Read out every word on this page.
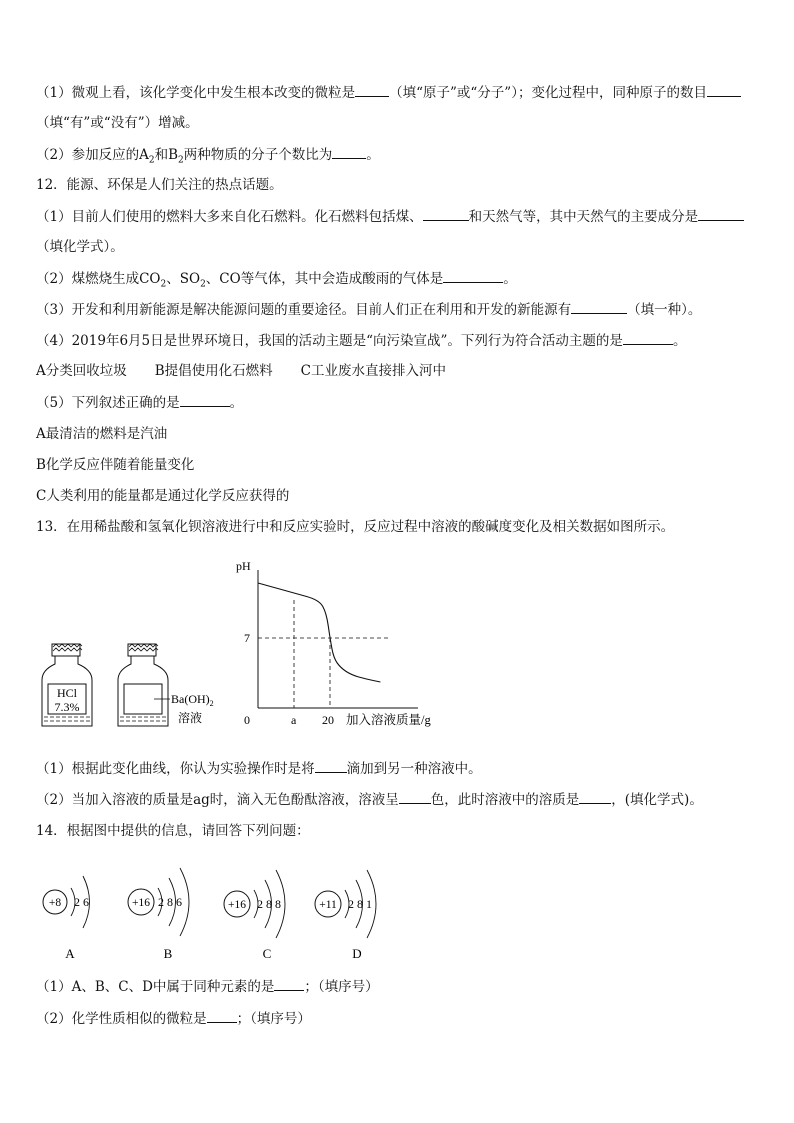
（1）微观上看，该化学变化中发生根本改变的微粒是	（填“原子”或“分子”）；变化过程中，同种原子的数目
（填“有”或“没有”）增减。
（2）参加反应的$A_2$和$B_2$两种物质的分子个数比为	。
12．能源、环保是人们关注的热点话题。
（1）目前人们使用的燃料大多来自化石燃料。化石燃料包括煤、	和天然气等，其中天然气的主要成分是
（填化学式）。
（2）煤燃烧生成$CO_2$、$SO_2$、CO等气体，其中会造成酸雨的气体是	。
（3）开发和利用新能源是解决能源问题的重要途径。目前人们正在利用和开发的新能源有	（填一种）。
（4）2019年6月5日是世界环境日，我国的活动主题是“向污染宣战”。下列行为符合活动主题的是	。
A分类回收垃圾 B提倡使用化石燃料 C工业废水直接排入河中
（5）下列叙述正确的是	。
A最清洁的燃料是汽油
B化学反应伴随着能量变化
C人类利用的能量都是通过化学反应获得的
13．在用稀盐酸和氢氧化钡溶液进行中和反应实验时，反应过程中溶液的酸碱度变化及相关数据如图所示。
HCl
7.3%
$Ba(OH)_2$
溶液
pH
0
7
a 20 加入溶液质量/g
（1）根据此变化曲线，你认为实验操作时是将 滴加到另一种溶液中。
（2）当加入溶液的质量是ag时，滴入无色酚酞溶液，溶液呈 色，此时溶液中的溶质是 ，(填化学式)。
14．根据图中提供的信息，请回答下列问题：
+8 2 6
A
+16 2 8 6
B
+16 2 8 8
C
+11 2 8 1
D
（1）A、B、C、D中属于同种元素的是 ；（填序号）
（2）化学性质相似的微粒是 ；（填序号）
